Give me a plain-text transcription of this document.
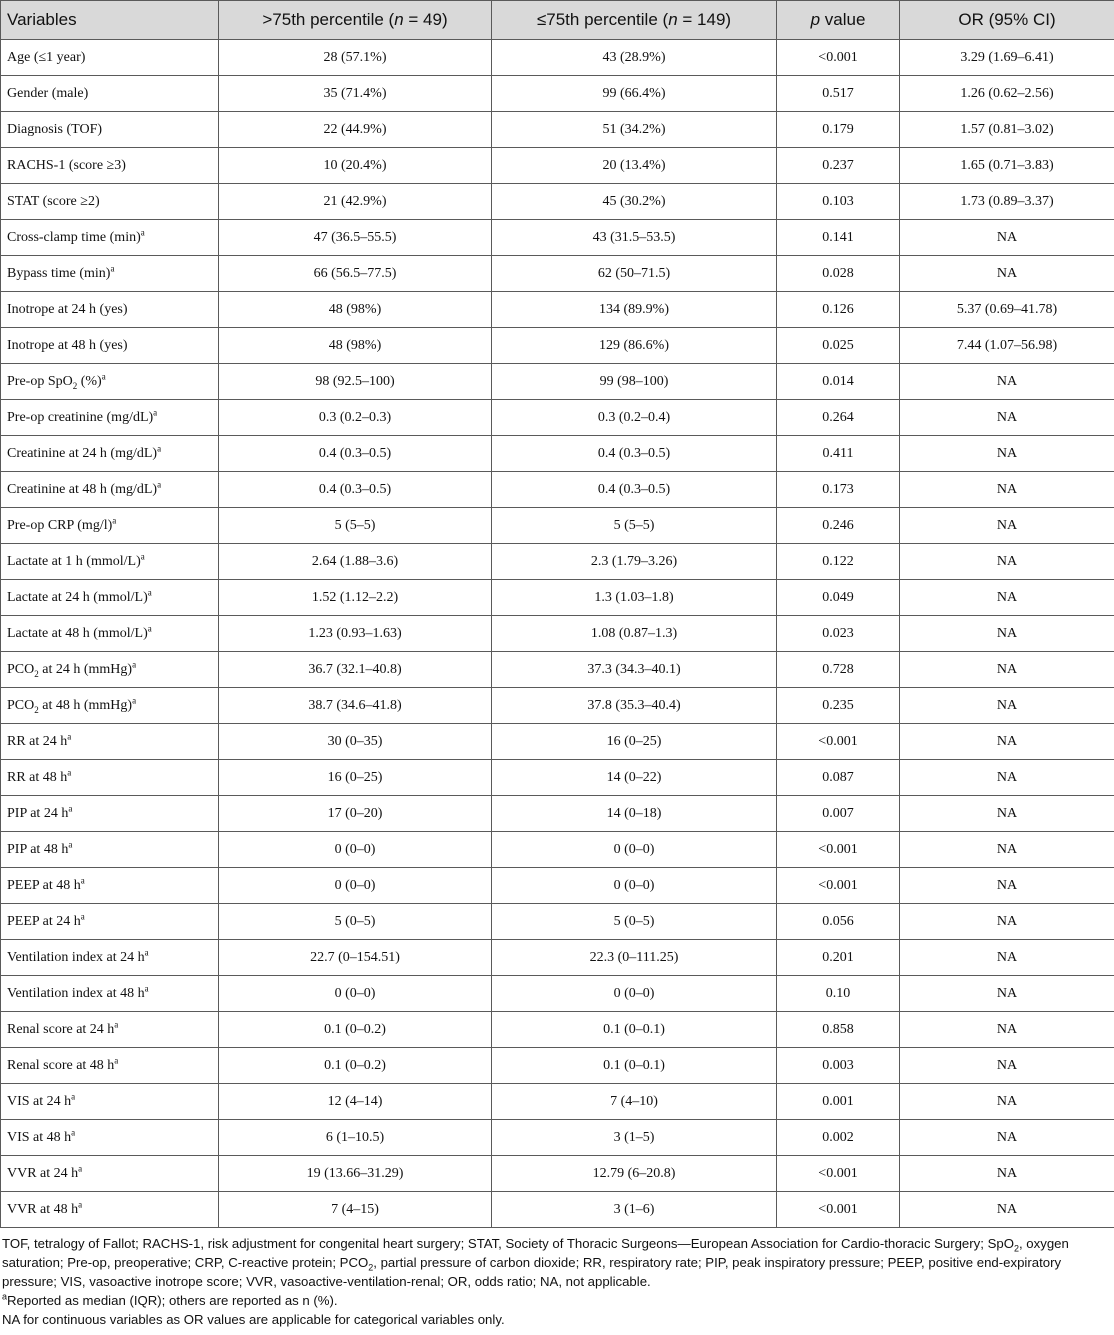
Variables	>75th percentile (n = 49)	≤75th percentile (n = 149)	p value	OR (95% CI)
Age (≤1 year)	28 (57.1%)	43 (28.9%)	<0.001	3.29 (1.69–6.41)
Gender (male)	35 (71.4%)	99 (66.4%)	0.517	1.26 (0.62–2.56)
Diagnosis (TOF)	22 (44.9%)	51 (34.2%)	0.179	1.57 (0.81–3.02)
RACHS-1 (score ≥3)	10 (20.4%)	20 (13.4%)	0.237	1.65 (0.71–3.83)
STAT (score ≥2)	21 (42.9%)	45 (30.2%)	0.103	1.73 (0.89–3.37)
Cross-clamp time $(\min)^a$	47 (36.5–55.5)	43 (31.5–53.5)	0.141	NA
Bypass time $(\min)^a$	66 (56.5–77.5)	62 (50–71.5)	0.028	NA
Inotrope at 24 h (yes)	48 (98%)	134 (89.9%)	0.126	5.37 (0.69–41.78)
Inotrope at 48 h (yes)	48 (98%)	129 (86.6%)	0.025	7.44 (1.07–56.98)
Pre-op SpO$_2$ (%)$^a$	98 (92.5–100)	99 (98–100)	0.014	NA
Pre-op creatinine $(mg/dL)^a$	0.3 (0.2–0.3)	0.3 (0.2–0.4)	0.264	NA
Creatinine at 24 h $(mg/dL)^a$	0.4 (0.3–0.5)	0.4 (0.3–0.5)	0.411	NA
Creatinine at 48 h $(mg/dL)^a$	0.4 (0.3–0.5)	0.4 (0.3–0.5)	0.173	NA
Pre-op CRP $(mg/l)^a$	5 (5–5)	5 (5–5)	0.246	NA
Lactate at 1 h (mmol/L)$^a$	2.64 (1.88–3.6)	2.3 (1.79–3.26)	0.122	NA
Lactate at 24 h (mmol/L)$^a$	1.52 (1.12–2.2)	1.3 (1.03–1.8)	0.049	NA
Lactate at 48 h (mmol/L)$^a$	1.23 (0.93–1.63)	1.08 (0.87–1.3)	0.023	NA
$PCO_2$ at 24 h (mmHg)$^a$	36.7 (32.1–40.8)	37.3 (34.3–40.1)	0.728	NA
$PCO_2$ at 48 h (mmHg)$^a$	38.7 (34.6–41.8)	37.8 (35.3–40.4)	0.235	NA
RR at 24 $h^a$	30 (0–35)	16 (0–25)	<0.001	NA
RR at 48 $h^a$	16 (0–25)	14 (0–22)	0.087	NA
PIP at 24 $h^a$	17 (0–20)	14 (0–18)	0.007	NA
PIP at 48 $h^a$	0 (0–0)	0 (0–0)	<0.001	NA
PEEP at 48 $h^a$	0 (0–0)	0 (0–0)	<0.001	NA
PEEP at 24 $h^a$	5 (0–5)	5 (0–5)	0.056	NA
Ventilation index at 24 $h^a$	22.7 (0–154.51)	22.3 (0–111.25)	0.201	NA
Ventilation index at 48 $h^a$	0 (0–0)	0 (0–0)	0.10	NA
Renal score at 24 $h^a$	0.1 (0–0.2)	0.1 (0–0.1)	0.858	NA
Renal score at 48 $h^a$	0.1 (0–0.2)	0.1 (0–0.1)	0.003	NA
VIS at 24 $h^a$	12 (4–14)	7 (4–10)	0.001	NA
VIS at 48 $h^a$	6 (1–10.5)	3 (1–5)	0.002	NA
VVR at 24 $h^a$	19 (13.66–31.29)	12.79 (6–20.8)	<0.001	NA
VVR at 48 $h^a$	7 (4–15)	3 (1–6)	<0.001	NA

TOF, tetralogy of Fallot; RACHS-1, risk adjustment for congenital heart surgery; STAT, Society of Thoracic Surgeons—European Association for Cardio-thoracic Surgery; SpO$_2$, oxygen saturation; Pre-op, preoperative; CRP, C-reactive protein; $PCO_2$, partial pressure of carbon dioxide; RR, respiratory rate; PIP, peak inspiratory pressure; PEEP, positive end-expiratory pressure; VIS, vasoactive inotrope score; VVR, vasoactive-ventilation-renal; OR, odds ratio; NA, not applicable.

$^a$Reported as median (IQR); others are reported as n (%).

NA for continuous variables as OR values are applicable for categorical variables only.
